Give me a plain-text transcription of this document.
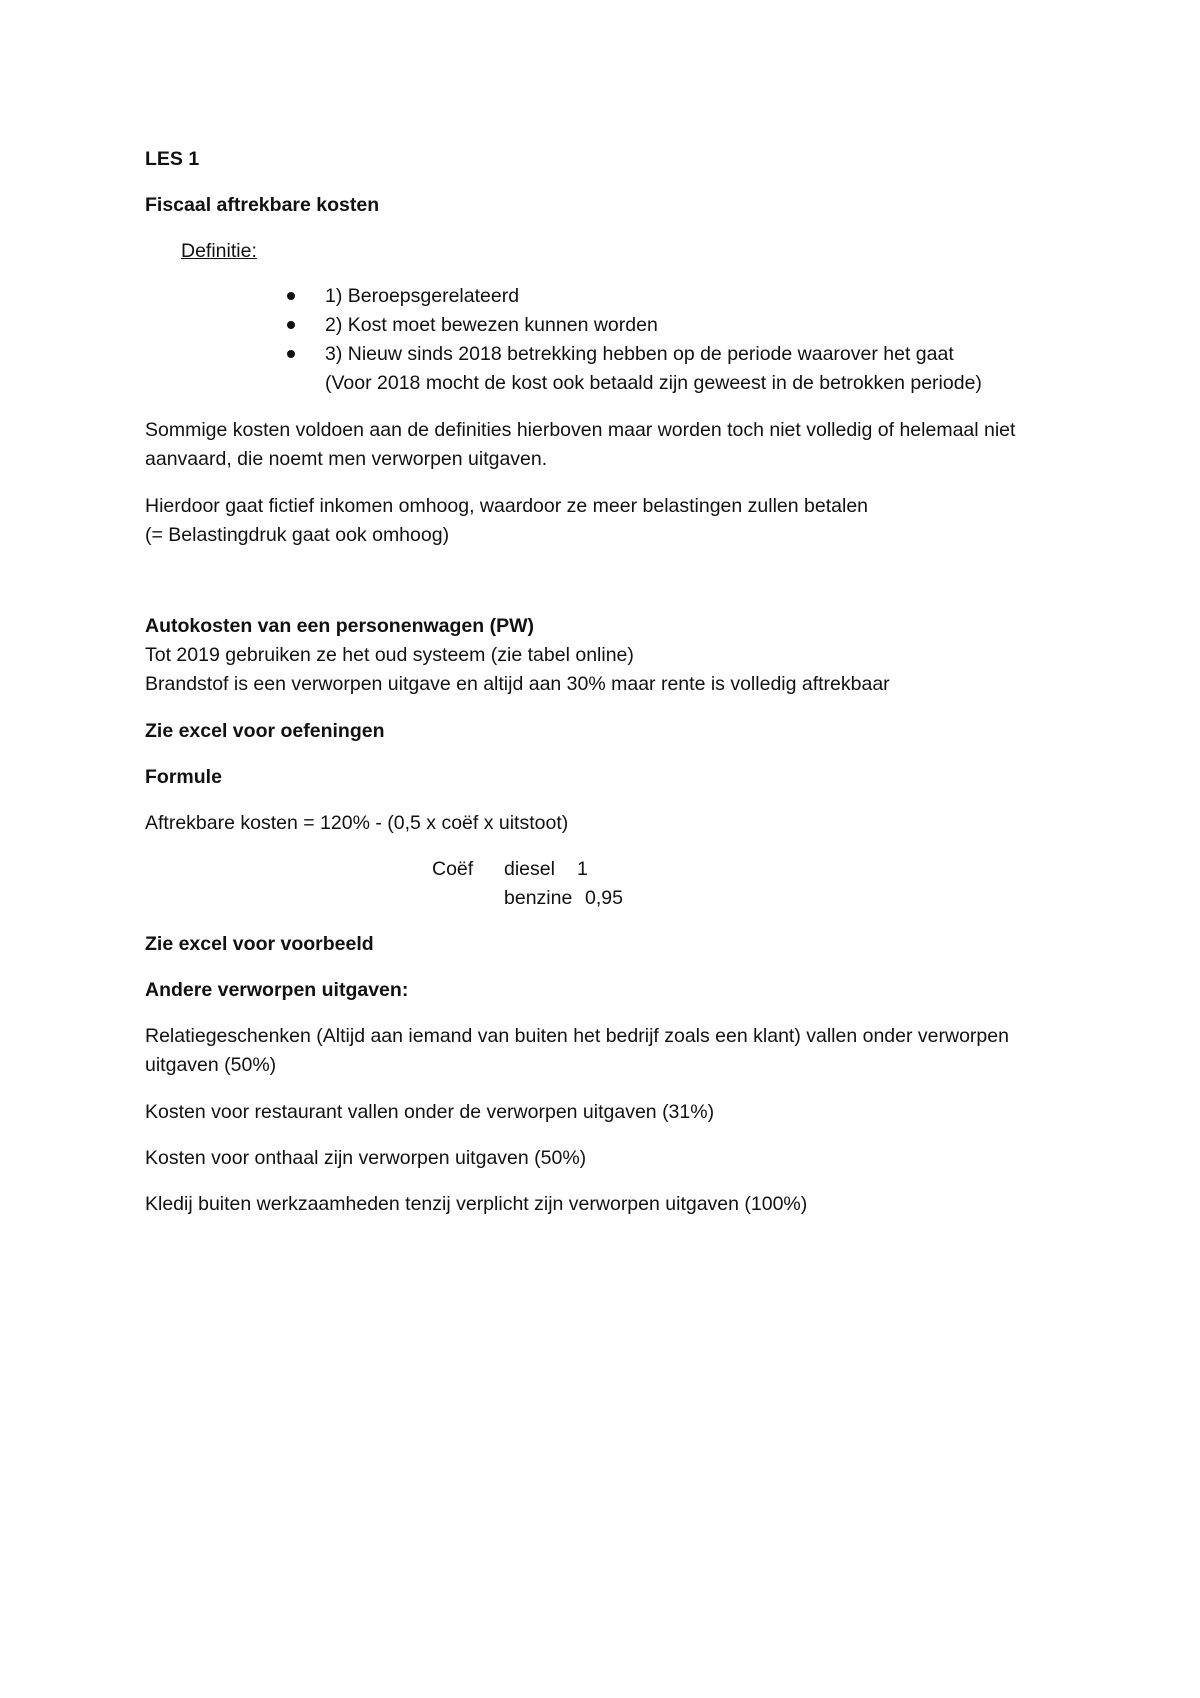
LES 1
Fiscaal aftrekbare kosten
Definitie:
1) Beroepsgerelateerd
2) Kost moet bewezen kunnen worden
3) Nieuw sinds 2018 betrekking hebben op de periode waarover het gaat
(Voor 2018 mocht de kost ook betaald zijn geweest in de betrokken periode)
Sommige kosten voldoen aan de definities hierboven maar worden toch niet volledig of helemaal niet
aanvaard, die noemt men verworpen uitgaven.
Hierdoor gaat fictief inkomen omhoog, waardoor ze meer belastingen zullen betalen
(= Belastingdruk gaat ook omhoog)
Autokosten van een personenwagen (PW)
Tot 2019 gebruiken ze het oud systeem (zie tabel online)
Brandstof is een verworpen uitgave en altijd aan 30% maar rente is volledig aftrekbaar
Zie excel voor oefeningen
Formule
Aftrekbare kosten = 120% - (0,5 x coëf x uitstoot)
Coëf diesel 1
benzine 0,95
Zie excel voor voorbeeld
Andere verworpen uitgaven:
Relatiegeschenken (Altijd aan iemand van buiten het bedrijf zoals een klant) vallen onder verworpen
uitgaven (50%)
Kosten voor restaurant vallen onder de verworpen uitgaven (31%)
Kosten voor onthaal zijn verworpen uitgaven (50%)
Kledij buiten werkzaamheden tenzij verplicht zijn verworpen uitgaven (100%)
